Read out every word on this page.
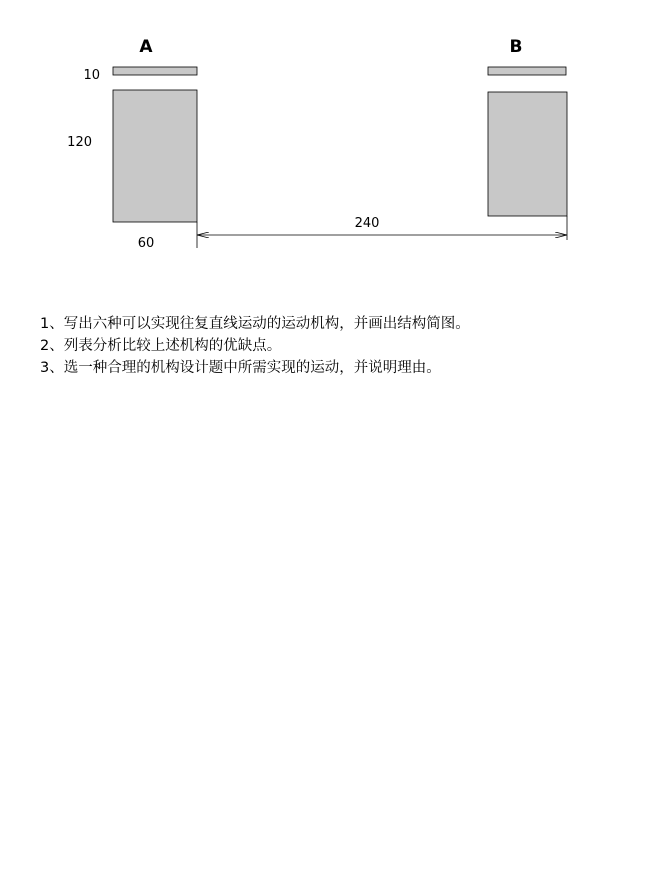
A
10
120
60
B
240
1、写出六种可以实现往复直线运动的运动机构，并画出结构简图。
2、列表分析比较上述机构的优缺点。
3、选一种合理的机构设计题中所需实现的运动，并说明理由。
